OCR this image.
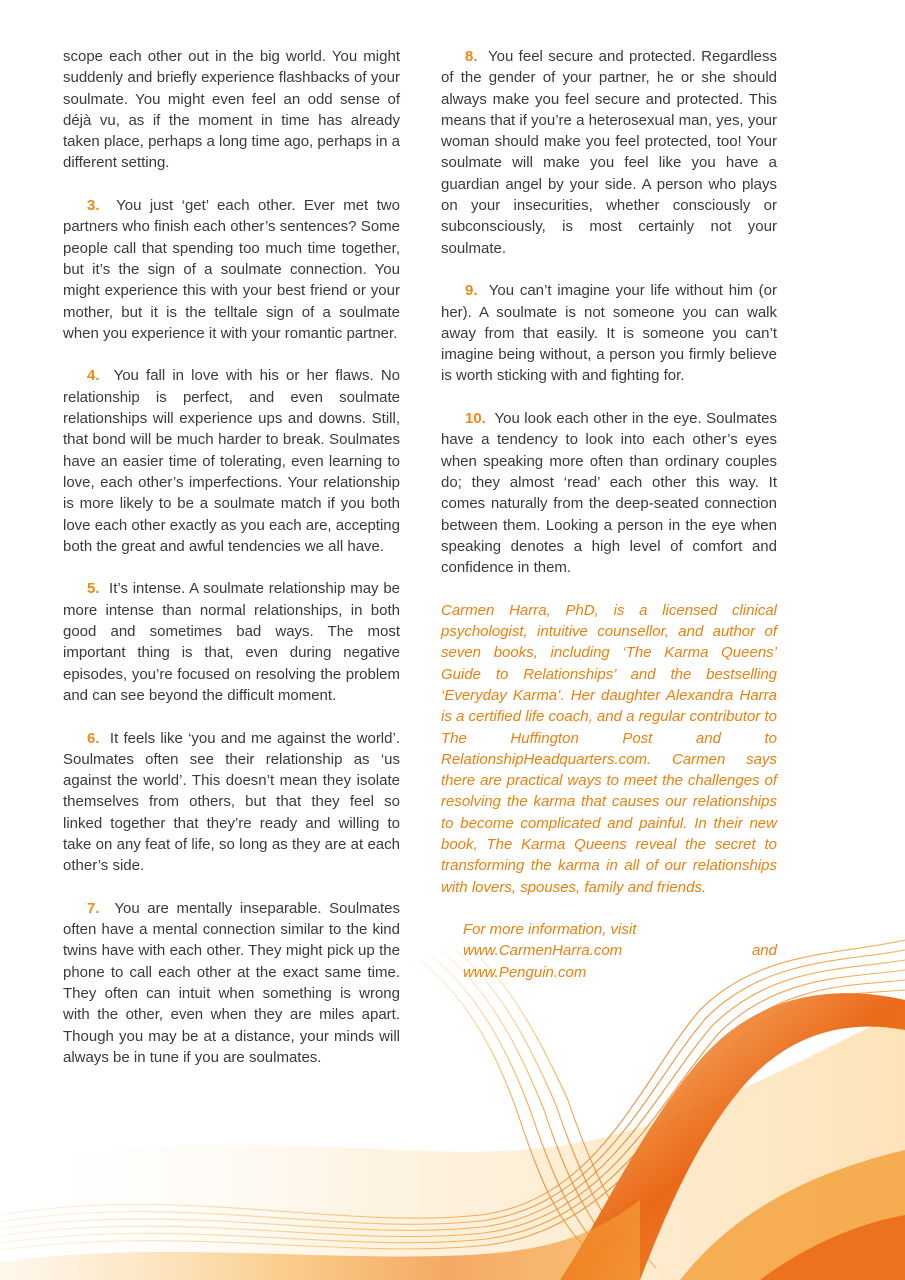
scope each other out in the big world. You might suddenly and briefly experience flashbacks of your soulmate. You might even feel an odd sense of déjà vu, as if the moment in time has already taken place, perhaps a long time ago, perhaps in a different setting.

3. You just ‘get’ each other. Ever met two partners who finish each other’s sentences? Some people call that spending too much time together, but it’s the sign of a soulmate connection. You might experience this with your best friend or your mother, but it is the telltale sign of a soulmate when you experience it with your romantic partner.

4. You fall in love with his or her flaws. No relationship is perfect, and even soulmate relationships will experience ups and downs. Still, that bond will be much harder to break. Soulmates have an easier time of tolerating, even learning to love, each other’s imperfections. Your relationship is more likely to be a soulmate match if you both love each other exactly as you each are, accepting both the great and awful tendencies we all have.

5. It’s intense. A soulmate relationship may be more intense than normal relationships, in both good and sometimes bad ways. The most important thing is that, even during negative episodes, you’re focused on resolving the problem and can see beyond the difficult moment.

6. It feels like ‘you and me against the world’. Soulmates often see their relationship as ‘us against the world’. This doesn’t mean they isolate themselves from others, but that they feel so linked together that they’re ready and willing to take on any feat of life, so long as they are at each other’s side.

7. You are mentally inseparable. Soulmates often have a mental connection similar to the kind twins have with each other. They might pick up the phone to call each other at the exact same time. They often can intuit when something is wrong with the other, even when they are miles apart. Though you may be at a distance, your minds will always be in tune if you are soulmates.

8. You feel secure and protected. Regardless of the gender of your partner, he or she should always make you feel secure and protected. This means that if you’re a heterosexual man, yes, your woman should make you feel protected, too! Your soulmate will make you feel like you have a guardian angel by your side. A person who plays on your insecurities, whether consciously or subconsciously, is most certainly not your soulmate.

9. You can’t imagine your life without him (or her). A soulmate is not someone you can walk away from that easily. It is someone you can’t imagine being without, a person you firmly believe is worth sticking with and fighting for.

10. You look each other in the eye. Soulmates have a tendency to look into each other’s eyes when speaking more often than ordinary couples do; they almost ‘read’ each other this way. It comes naturally from the deep-seated connection between them. Looking a person in the eye when speaking denotes a high level of comfort and confidence in them.

Carmen Harra, PhD, is a licensed clinical psychologist, intuitive counsellor, and author of seven books, including ‘The Karma Queens’ Guide to Relationships’ and the bestselling ‘Everyday Karma’. Her daughter Alexandra Harra is a certified life coach, and a regular contributor to The Huffington Post and to RelationshipHeadquarters.com. Carmen says there are practical ways to meet the challenges of resolving the karma that causes our relationships to become complicated and painful. In their new book, The Karma Queens reveal the secret to transforming the karma in all of our relationships with lovers, spouses, family and friends.

For more information, visit
www.CarmenHarra.com and www.Penguin.com
